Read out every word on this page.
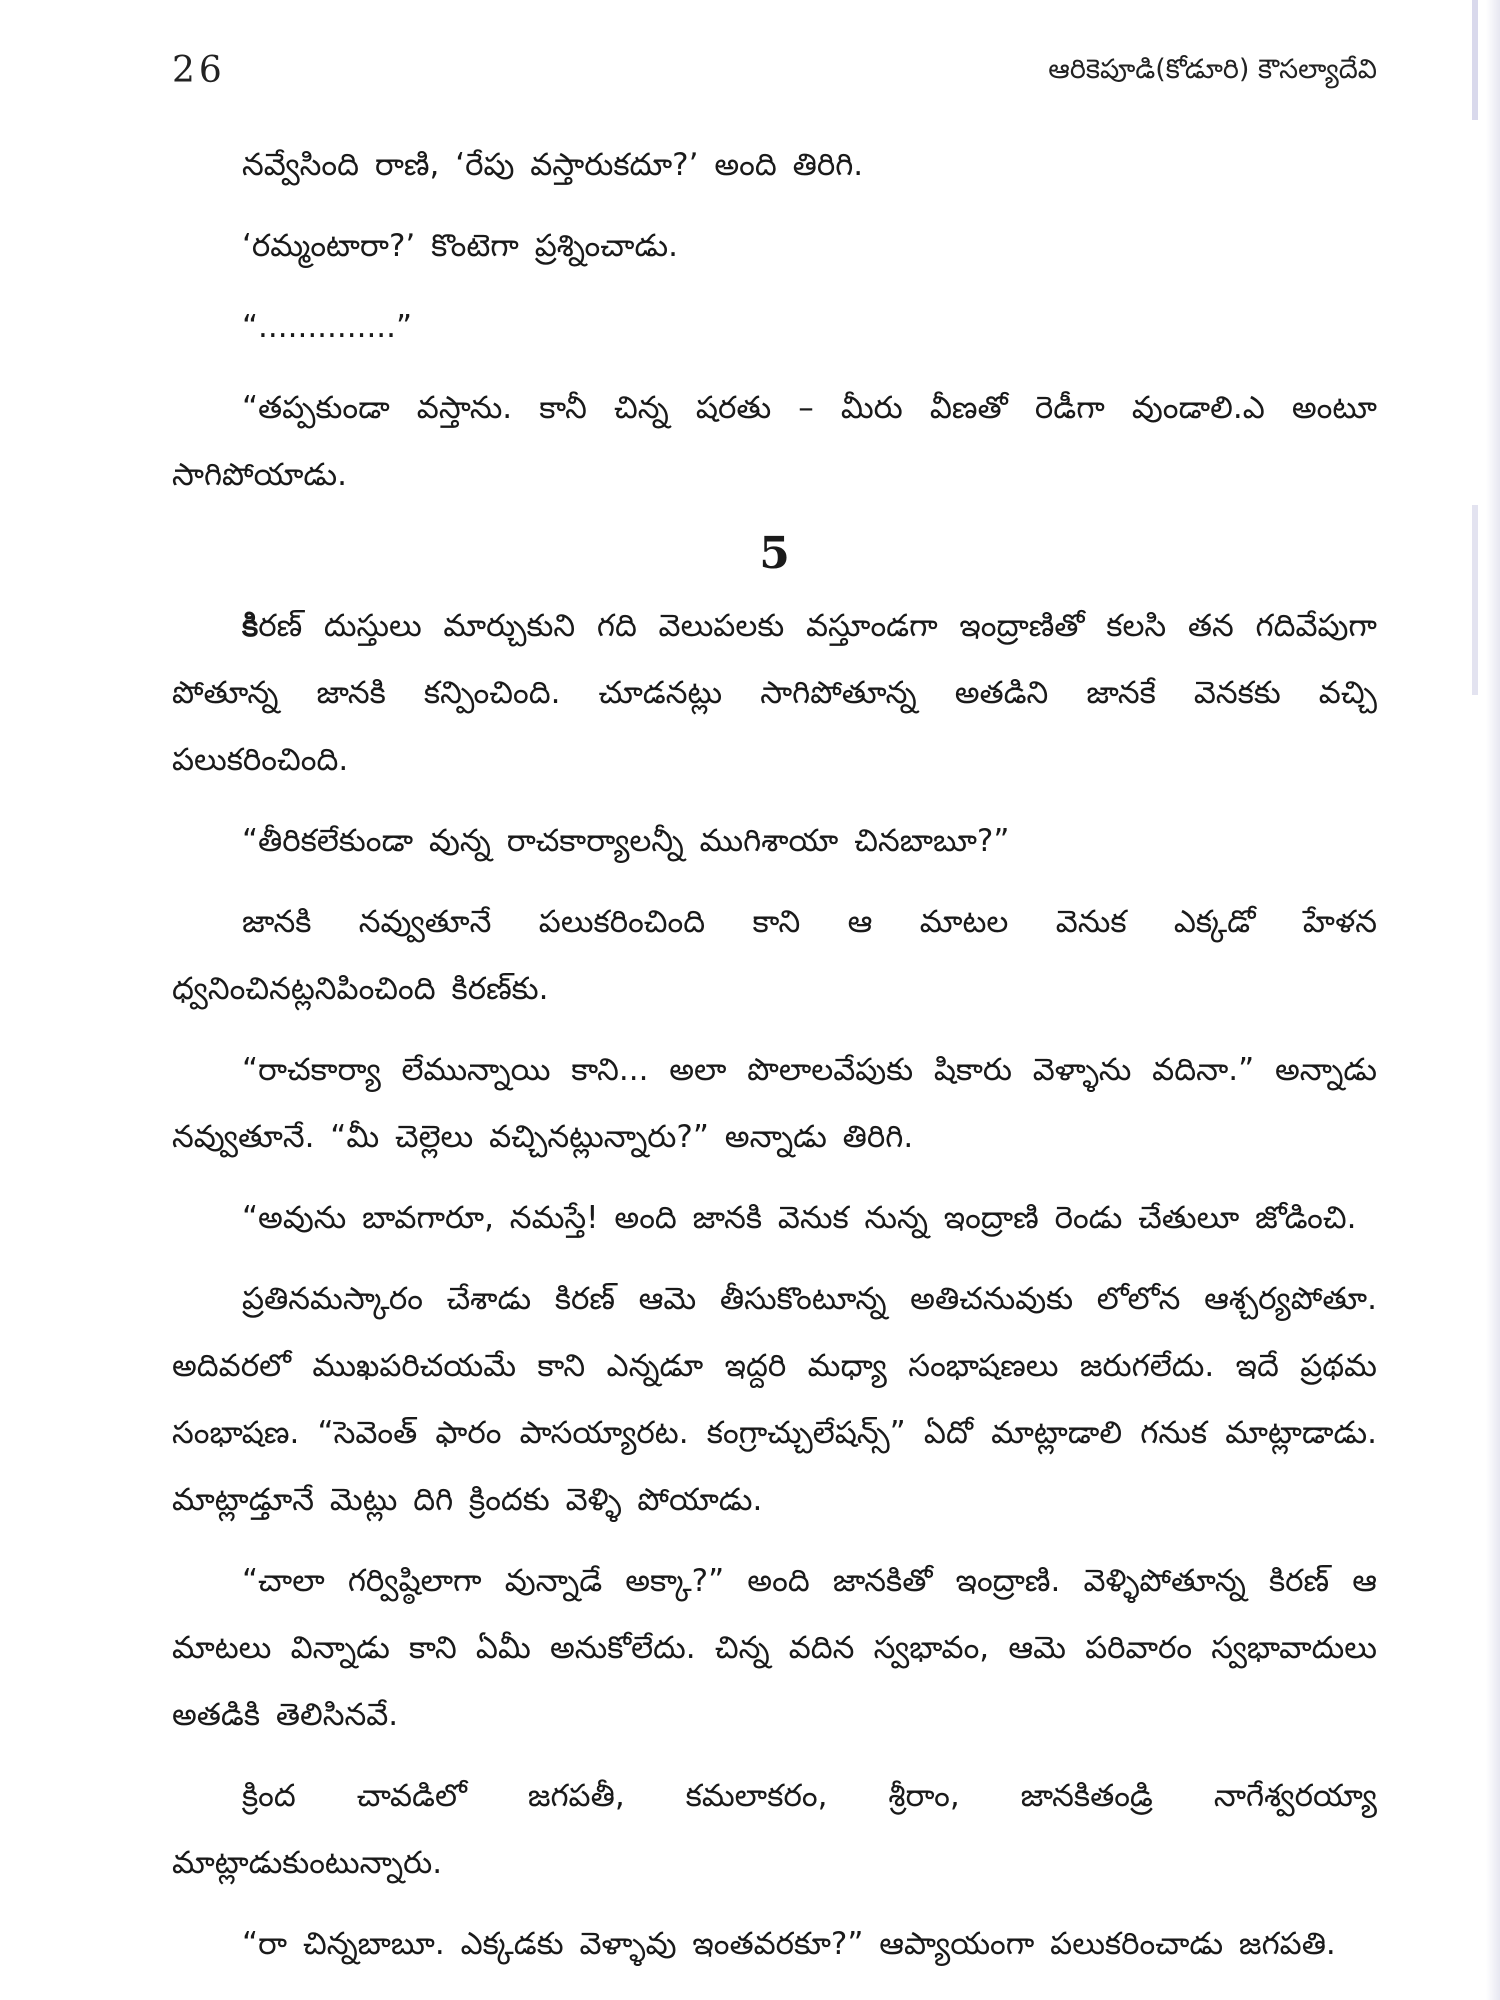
26	ఆరికెపూడి(కోడూరి) కౌసల్యాదేవి

నవ్వేసింది రాణి, ‘రేపు వస్తారుకదూ?’ అంది తిరిగి.

‘రమ్మంటారా?’ కొంటెగా ప్రశ్నించాడు.

“..............”

“తప్పకుండా వస్తాను. కానీ చిన్న షరతు – మీరు వీణతో రెడీగా వుండాలి.ఎ అంటూ సాగిపోయాడు.

5

కిరణ్ దుస్తులు మార్చుకుని గది వెలుపలకు వస్తూండగా ఇంద్రాణితో కలసి తన గదివేపుగా పోతూన్న జానకి కన్పించింది. చూడనట్లు సాగిపోతూన్న అతడిని జానకే వెనకకు వచ్చి పలుకరించింది.

“తీరికలేకుండా వున్న రాచకార్యాలన్నీ ముగిశాయా చినబాబూ?”

జానకి నవ్వుతూనే పలుకరించింది కాని ఆ మాటల వెనుక ఎక్కడో హేళన ధ్వనించినట్లనిపించింది కిరణ్‌కు.

“రాచకార్యా లేమున్నాయి కాని... అలా పొలాలవేపుకు షికారు వెళ్ళాను వదినా.” అన్నాడు నవ్వుతూనే. “మీ చెల్లెలు వచ్చినట్లున్నారు?” అన్నాడు తిరిగి.

“అవును బావగారూ, నమస్తే! అంది జానకి వెనుక నున్న ఇంద్రాణి రెండు చేతులూ జోడించి.

ప్రతినమస్కారం చేశాడు కిరణ్ ఆమె తీసుకొంటూన్న అతిచనువుకు లోలోన ఆశ్చర్యపోతూ. అదివరలో ముఖపరిచయమే కాని ఎన్నడూ ఇద్దరి మధ్యా సంభాషణలు జరుగలేదు. ఇదే ప్రథమ సంభాషణ. “సెవెంత్ ఫారం పాసయ్యారట. కంగ్రాచ్చులేషన్స్” ఏదో మాట్లాడాలి గనుక మాట్లాడాడు. మాట్లాడ్తూనే మెట్లు దిగి క్రిందకు వెళ్ళి పోయాడు.

“చాలా గర్విష్ఠిలాగా వున్నాడే అక్కా?” అంది జానకితో ఇంద్రాణి. వెళ్ళిపోతూన్న కిరణ్ ఆ మాటలు విన్నాడు కాని ఏమీ అనుకోలేదు. చిన్న వదిన స్వభావం, ఆమె పరివారం స్వభావాదులు అతడికి తెలిసినవే.

క్రింద చావడిలో జగపతీ, కమలాకరం, శ్రీరాం, జానకితండ్రి నాగేశ్వరయ్యా మాట్లాడుకుంటున్నారు.

“రా చిన్నబాబూ. ఎక్కడకు వెళ్ళావు ఇంతవరకూ?” ఆప్యాయంగా పలుకరించాడు జగపతి.
